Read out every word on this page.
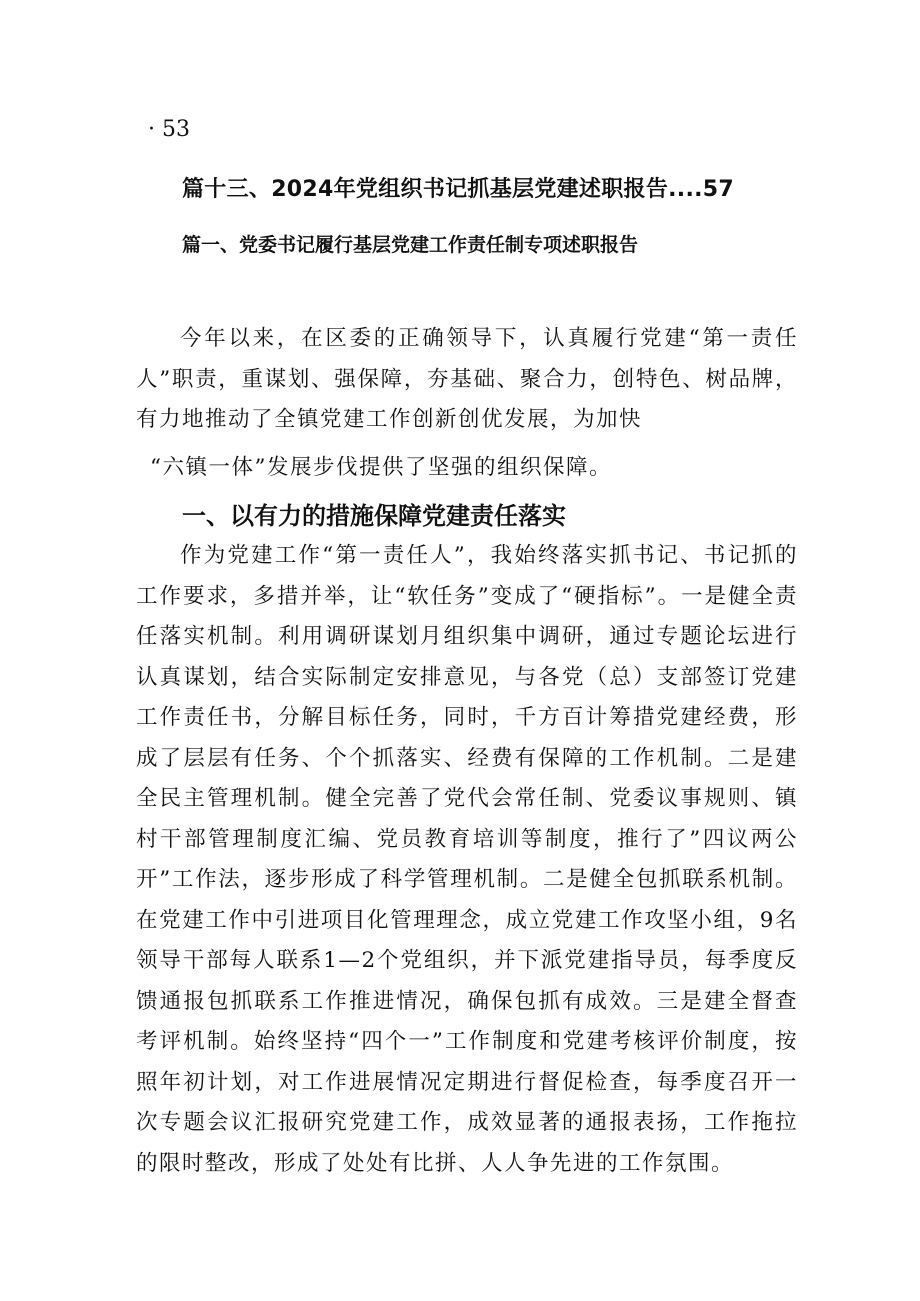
· 53
篇十三、2024年党组织书记抓基层党建述职报告....57
篇一、党委书记履行基层党建工作责任制专项述职报告
今年以来，在区委的正确领导下，认真履行党建“第一责任人”职责，重谋划、强保障，夯基础、聚合力，创特色、树品牌，有力地推动了全镇党建工作创新创优发展，为加快
“六镇一体”发展步伐提供了坚强的组织保障。
一、以有力的措施保障党建责任落实
作为党建工作“第一责任人”，我始终落实抓书记、书记抓的工作要求，多措并举，让“软任务”变成了“硬指标”。一是健全责任落实机制。利用调研谋划月组织集中调研，通过专题论坛进行认真谋划，结合实际制定安排意见，与各党（总）支部签订党建工作责任书，分解目标任务，同时，千方百计筹措党建经费，形成了层层有任务、个个抓落实、经费有保障的工作机制。二是建全民主管理机制。健全完善了党代会常任制、党委议事规则、镇村干部管理制度汇编、党员教育培训等制度，推行了”四议两公开”工作法，逐步形成了科学管理机制。二是健全包抓联系机制。在党建工作中引进项目化管理理念，成立党建工作攻坚小组，9名领导干部每人联系1—2个党组织，并下派党建指导员，每季度反馈通报包抓联系工作推进情况，确保包抓有成效。三是建全督查考评机制。始终坚持“四个一”工作制度和党建考核评价制度，按照年初计划，对工作进展情况定期进行督促检查，每季度召开一次专题会议汇报研究党建工作，成效显著的通报表扬，工作拖拉的限时整改，形成了处处有比拼、人人争先进的工作氛围。
